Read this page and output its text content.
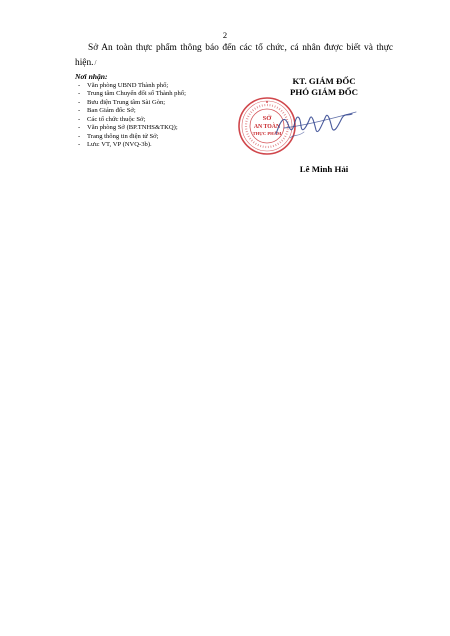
2
Sở An toàn thực phẩm thông báo đến các tổ chức, cá nhân được biết và thực hiện./
Nơi nhận:
- Văn phòng UBND Thành phố;
- Trung tâm Chuyển đổi số Thành phố;
- Bưu điện Trung tâm Sài Gòn;
- Ban Giám đốc Sở;
- Các tổ chức thuộc Sở;
- Văn phòng Sở (BP.TNHS&TKQ);
- Trang thông tin điện tử Sở;
- Lưu: VT, VP (NVQ-3b).
KT. GIÁM ĐỐC
PHÓ GIÁM ĐỐC
SỞ
AN TOÀN
THỰC PHẨM
Lê Minh Hải
